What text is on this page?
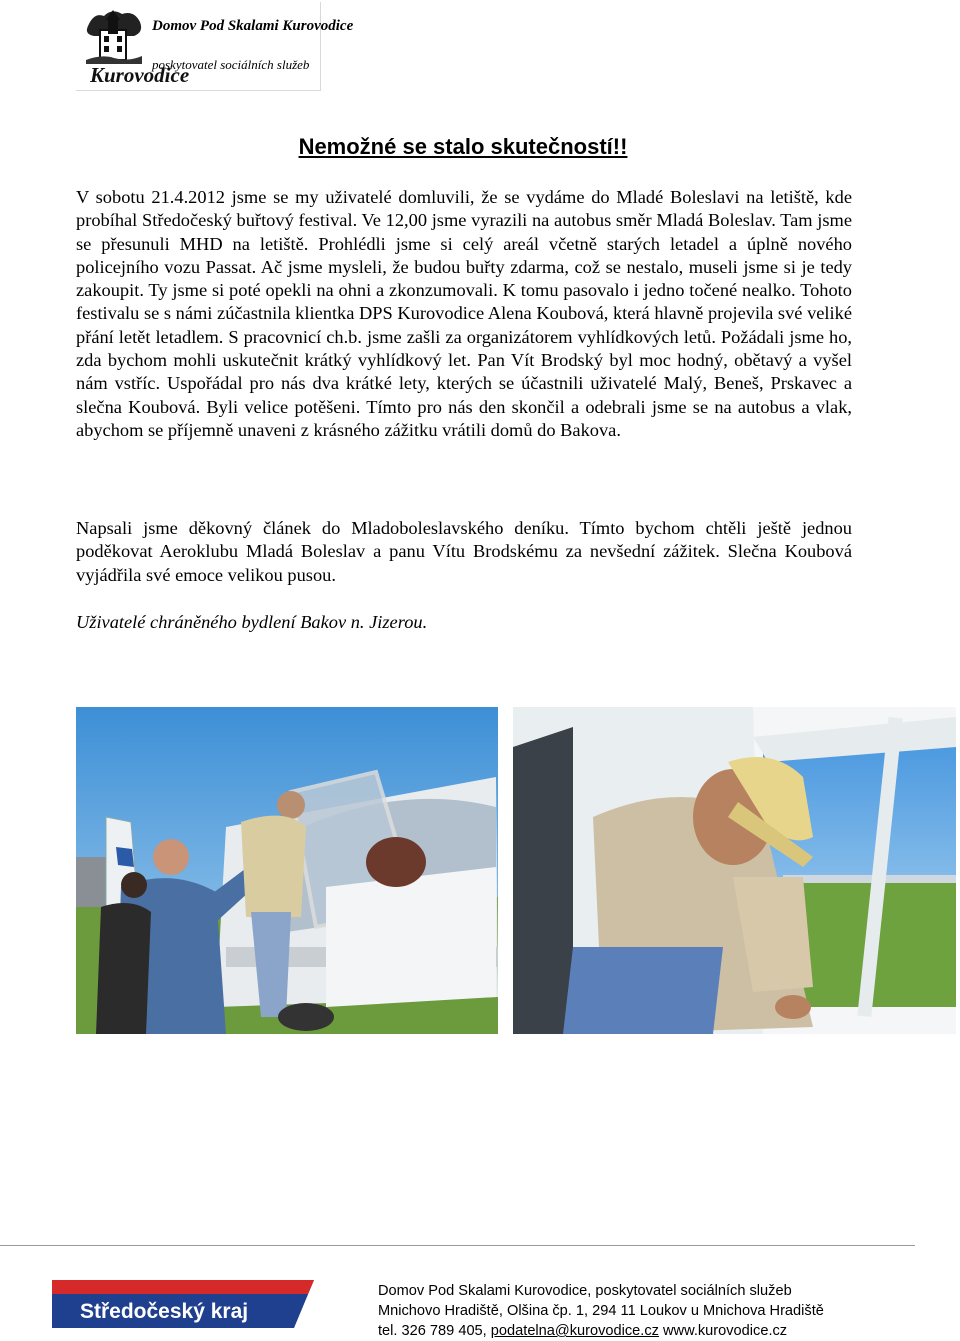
Domov Pod Skalami Kurovodice
poskytovatel sociálních služeb
Kurovodice
Nemožné se stalo skutečností!!
V sobotu 21.4.2012 jsme se my uživatelé domluvili, že se vydáme do Mladé Boleslavi na letiště, kde probíhal Středočeský buřtový festival. Ve 12,00 jsme vyrazili na autobus směr Mladá Boleslav. Tam jsme se přesunuli MHD na letiště. Prohlédli jsme si celý areál včetně starých letadel a úplně nového policejního vozu Passat. Ač jsme mysleli, že budou buřty zdarma, což se nestalo, museli jsme si je tedy zakoupit. Ty jsme si poté opekli na ohni a zkonzumovali. K tomu pasovalo i jedno točené nealko. Tohoto festivalu se s námi zúčastnila klientka DPS Kurovodice Alena Koubová, která hlavně projevila své veliké přání letět letadlem. S pracovnicí ch.b. jsme zašli za organizátorem vyhlídkových letů. Požádali jsme ho, zda bychom mohli uskutečnit krátký vyhlídkový let. Pan Vít Brodský byl moc hodný, obětavý a vyšel nám vstříc. Uspořádal pro nás dva krátké lety, kterých se účastnili uživatelé Malý, Beneš, Prskavec a slečna Koubová. Byli velice potěšeni. Tímto pro nás den skončil a odebrali jsme se na autobus a vlak, abychom se příjemně unaveni z krásného zážitku vrátili domů do Bakova.
Napsali jsme děkovný článek do Mladoboleslavského deníku. Tímto bychom chtěli ještě jednou poděkovat Aeroklubu Mladá Boleslav a panu Vítu Brodskému za nevšední zážitek. Slečna Koubová vyjádřila své emoce velikou pusou.
Uživatelé chráněného bydlení Bakov n. Jizerou.
Středočeský kraj
Domov Pod Skalami Kurovodice, poskytovatel sociálních služeb
Mnichovo Hradiště, Olšina čp. 1, 294 11 Loukov u Mnichova Hradiště
tel. 326 789 405, podatelna@kurovodice.cz www.kurovodice.cz
